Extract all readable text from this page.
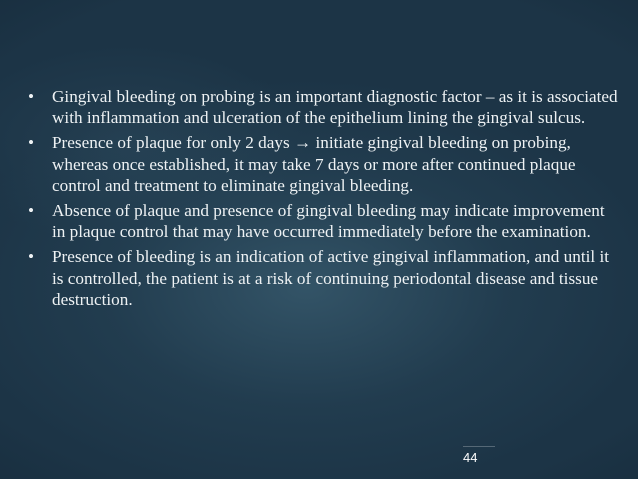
•	Gingival bleeding on probing is an important diagnostic factor – as it is associated with inflammation and ulceration of the epithelium lining the gingival sulcus.
•	Presence of plaque for only 2 days → initiate gingival bleeding on probing, whereas once established, it may take 7 days or more after continued plaque control and treatment to eliminate gingival bleeding.
•	Absence of plaque and presence of gingival bleeding may indicate improvement in plaque control that may have occurred immediately before the examination.
•	Presence of bleeding is an indication of active gingival inflammation, and until it is controlled, the patient is at a risk of continuing periodontal disease and tissue destruction.
44
